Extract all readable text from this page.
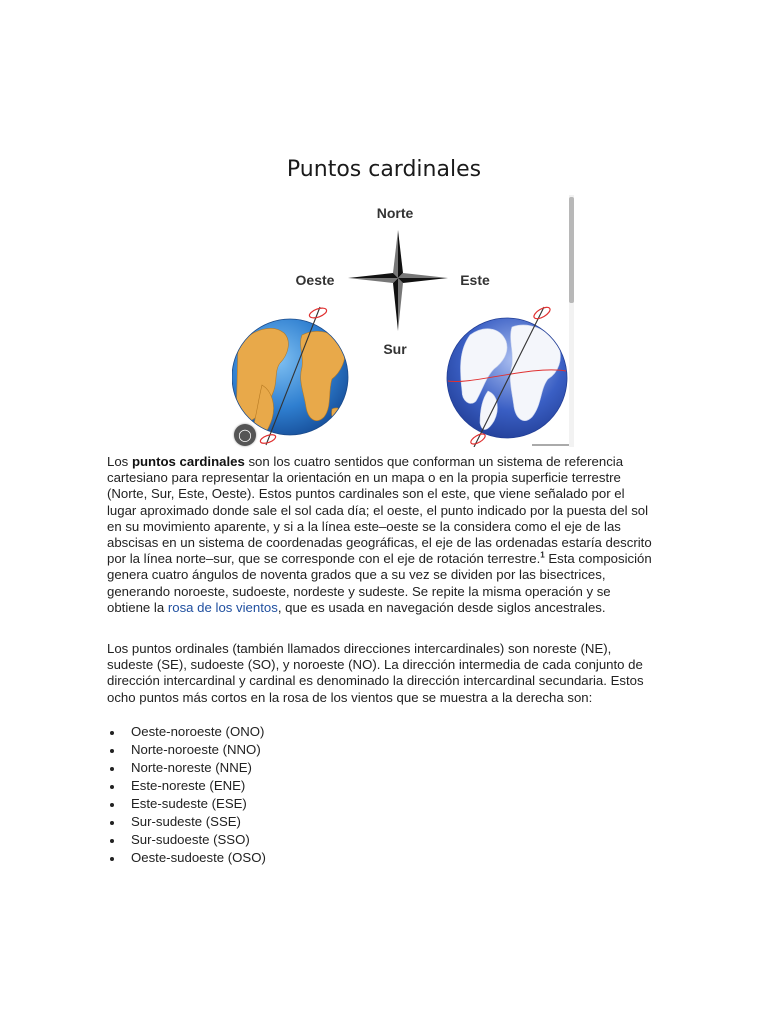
Puntos cardinales
Norte
Oeste	Este
Sur
◯

Los puntos cardinales son los cuatro sentidos que conforman un sistema de referencia cartesiano para representar la orientación en un mapa o en la propia superficie terrestre (Norte, Sur, Este, Oeste). Estos puntos cardinales son el este, que viene señalado por el lugar aproximado donde sale el sol cada día; el oeste, el punto indicado por la puesta del sol en su movimiento aparente, y si a la línea este–oeste se la considera como el eje de las abscisas en un sistema de coordenadas geográficas, el eje de las ordenadas estaría descrito por la línea norte–sur, que se corresponde con el eje de rotación terrestre.$^1$ Esta composición genera cuatro ángulos de noventa grados que a su vez se dividen por las bisectrices, generando noroeste, sudoeste, nordeste y sudeste. Se repite la misma operación y se obtiene la rosa de los vientos, que es usada en navegación desde siglos ancestrales.

Los puntos ordinales (también llamados direcciones intercardinales) son noreste (NE), sudeste (SE), sudoeste (SO), y noroeste (NO). La dirección intermedia de cada conjunto de dirección intercardinal y cardinal es denominado la dirección intercardinal secundaria. Estos ocho puntos más cortos en la rosa de los vientos que se muestra a la derecha son:

Oeste-noroeste (ONO)
Norte-noroeste (NNO)
Norte-noreste (NNE)
Este-noreste (ENE)
Este-sudeste (ESE)
Sur-sudeste (SSE)
Sur-sudoeste (SSO)
Oeste-sudoeste (OSO)
